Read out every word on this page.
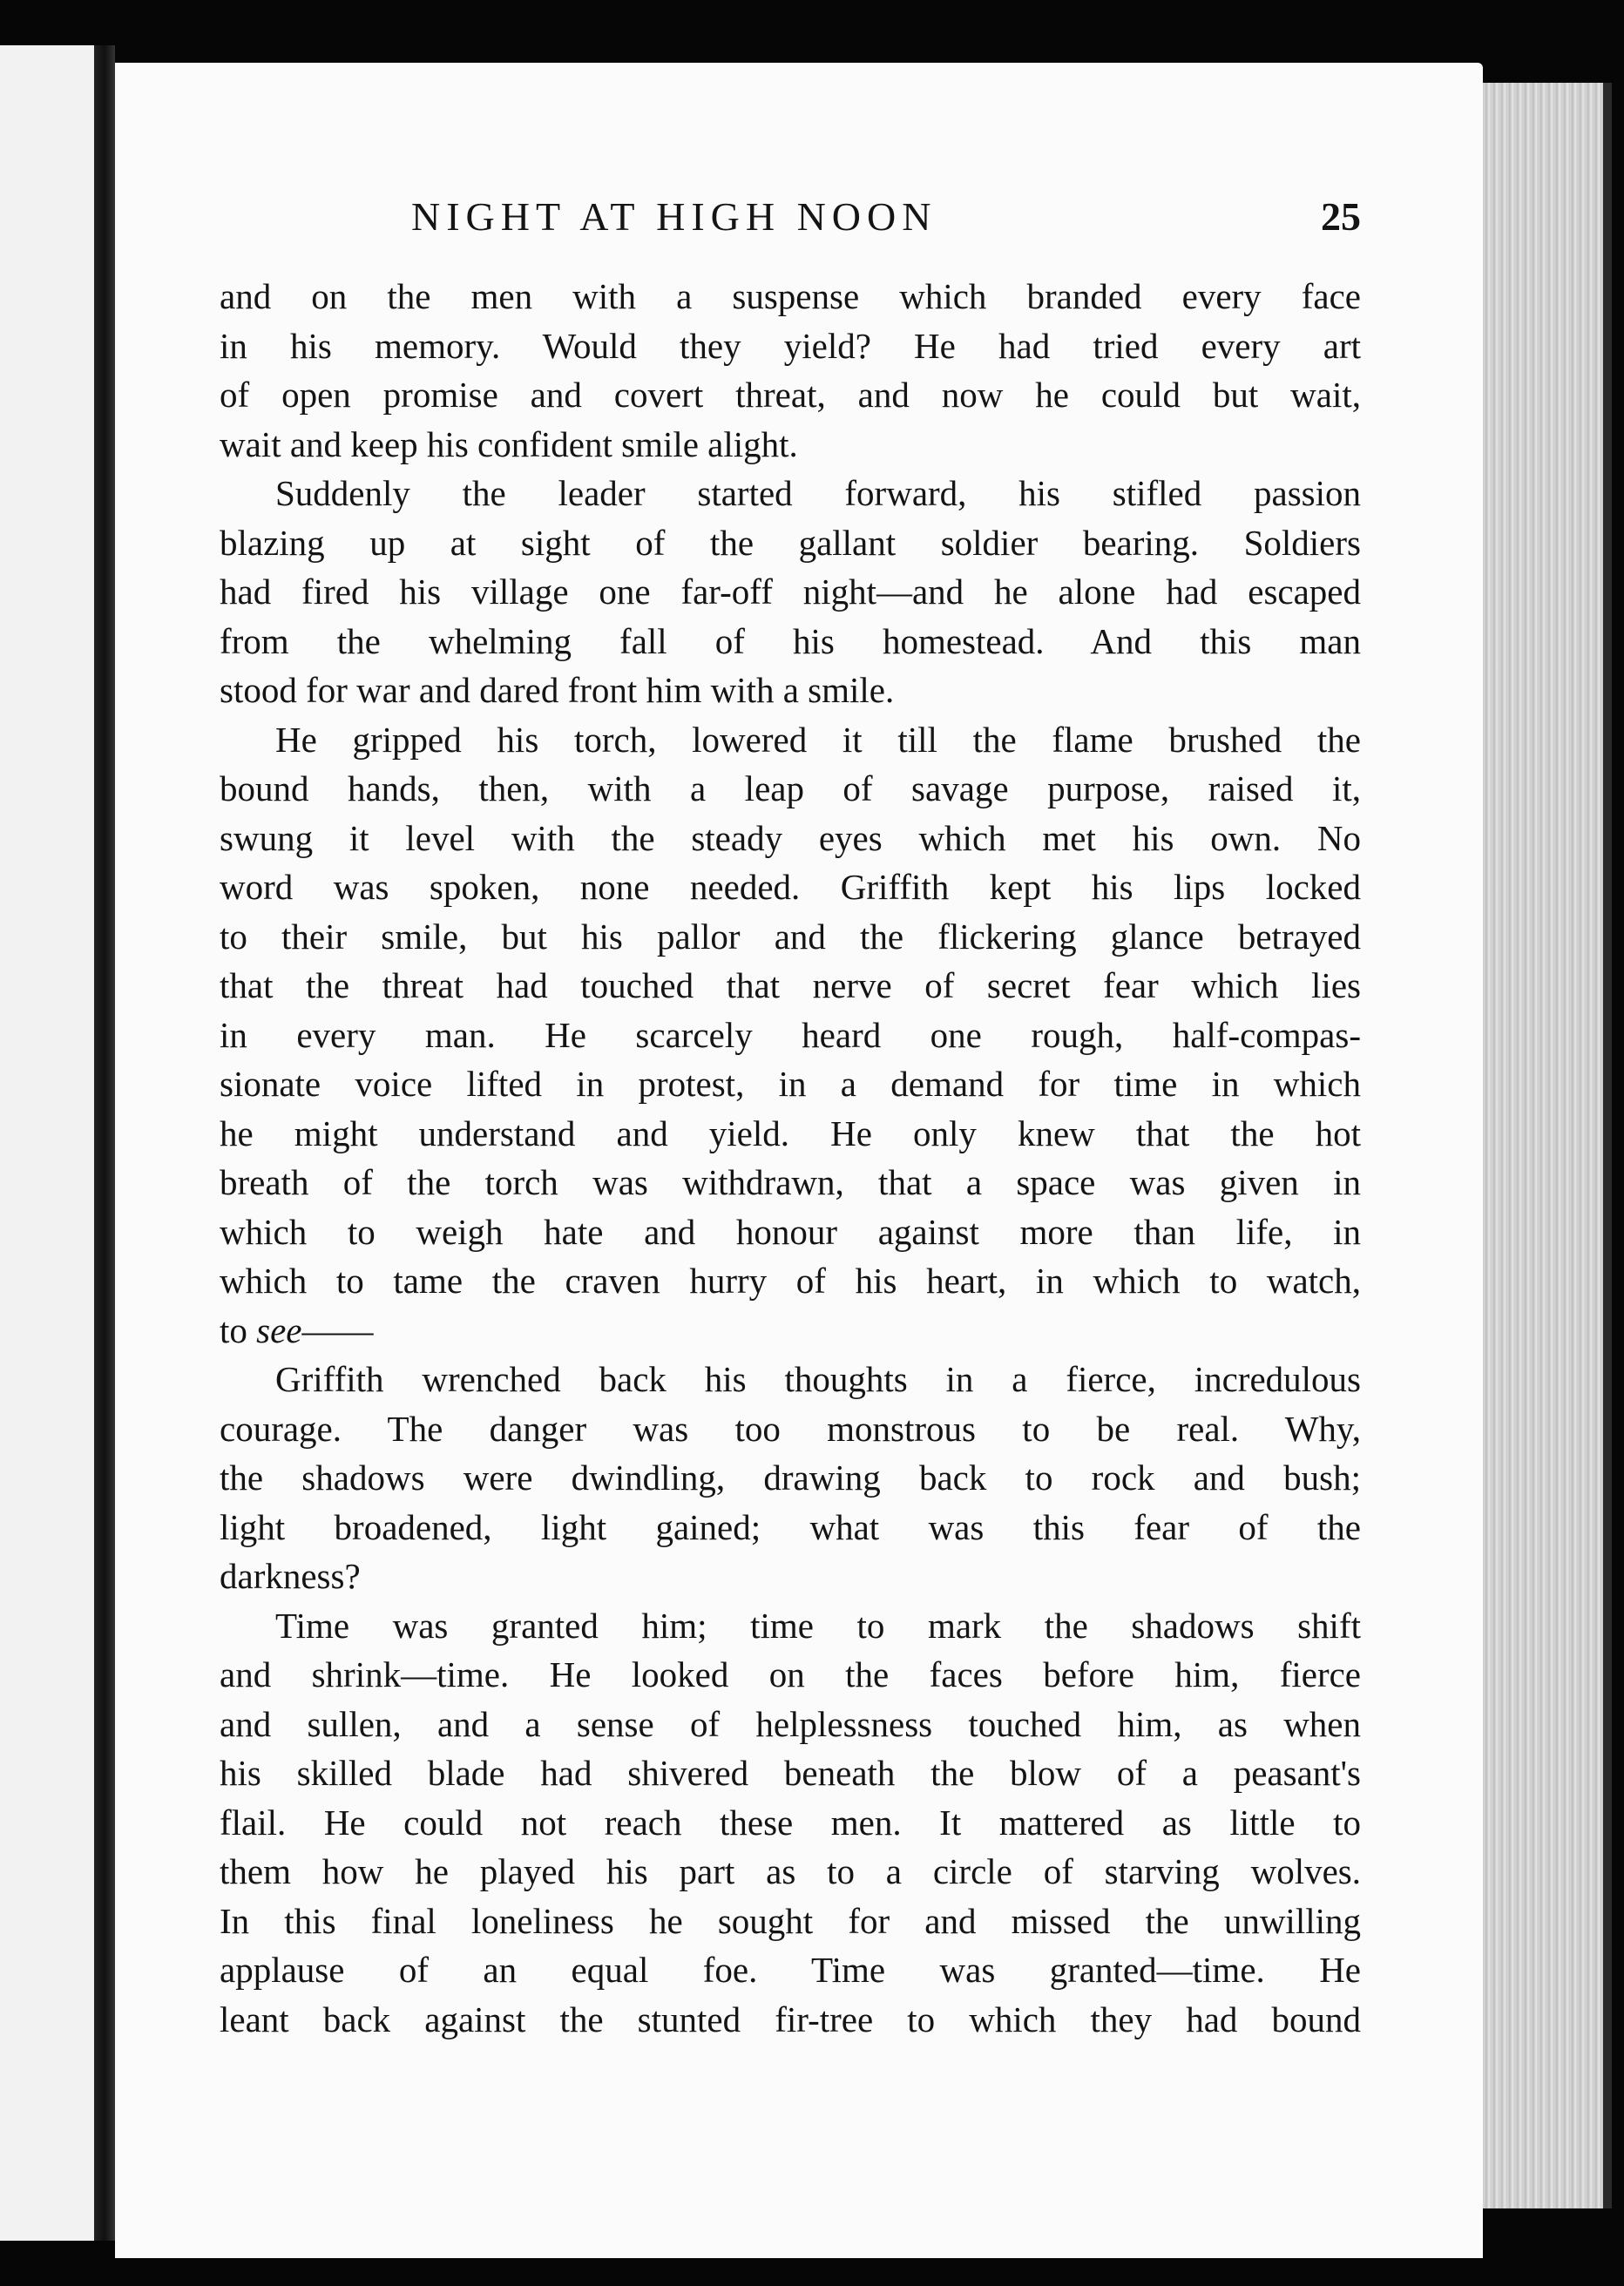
NIGHT AT HIGH NOON	25

and on the men with a suspense which branded every face
in his memory. Would they yield? He had tried every art
of open promise and covert threat, and now he could but wait,
wait and keep his confident smile alight.

Suddenly the leader started forward, his stifled passion
blazing up at sight of the gallant soldier bearing. Soldiers
had fired his village one far-off night—and he alone had escaped
from the whelming fall of his homestead. And this man
stood for war and dared front him with a smile.

He gripped his torch, lowered it till the flame brushed the
bound hands, then, with a leap of savage purpose, raised it,
swung it level with the steady eyes which met his own. No
word was spoken, none needed. Griffith kept his lips locked
to their smile, but his pallor and the flickering glance betrayed
that the threat had touched that nerve of secret fear which lies
in every man. He scarcely heard one rough, half-compas-
sionate voice lifted in protest, in a demand for time in which
he might understand and yield. He only knew that the hot
breath of the torch was withdrawn, that a space was given in
which to weigh hate and honour against more than life, in
which to tame the craven hurry of his heart, in which to watch,
to see——

Griffith wrenched back his thoughts in a fierce, incredulous
courage. The danger was too monstrous to be real. Why,
the shadows were dwindling, drawing back to rock and bush;
light broadened, light gained; what was this fear of the
darkness?

Time was granted him; time to mark the shadows shift
and shrink—time. He looked on the faces before him, fierce
and sullen, and a sense of helplessness touched him, as when
his skilled blade had shivered beneath the blow of a peasant's
flail. He could not reach these men. It mattered as little to
them how he played his part as to a circle of starving wolves.
In this final loneliness he sought for and missed the unwilling
applause of an equal foe. Time was granted—time. He
leant back against the stunted fir-tree to which they had bound
